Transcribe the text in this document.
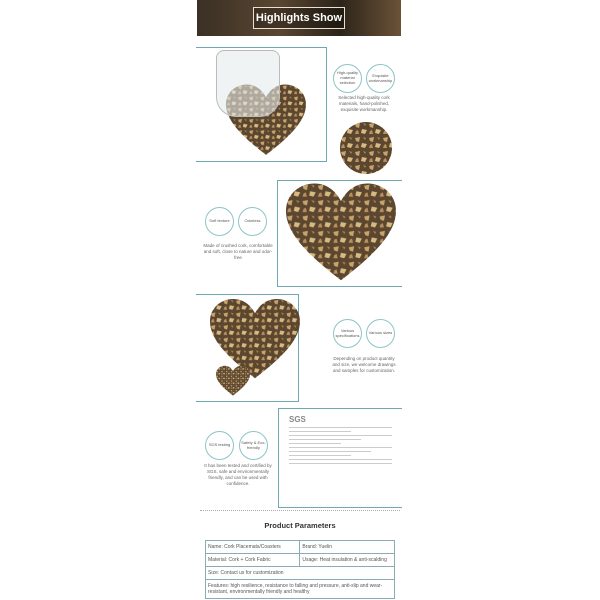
Highlights Show
High-quality material selection
Exquisite workmanship
Selected high-quality cork materials, hand-polished, exquisite workmanship.
Soft texture	Odorless
Made of crushed cork, comfortable and soft, close to nature and odor-free
Various specifications	Various sizes
Depending on product quantity and size, we welcome drawings and samples for customization.
SGS testing	Safety & Eco-friendly
It has been tested and certified by SGS, safe and environmentally friendly, and can be used with confidence.
SGS
Product Parameters
Name: Cork Placemats/Coasters	Brand: Yuelin
Material: Cork + Cork Fabric	Usage: Heat insulation & anti-scalding
Size: Contact us for customization	
Features: high resilience, resistance to falling and pressure, anti-slip and wear-resistant, environmentally friendly and healthy	
